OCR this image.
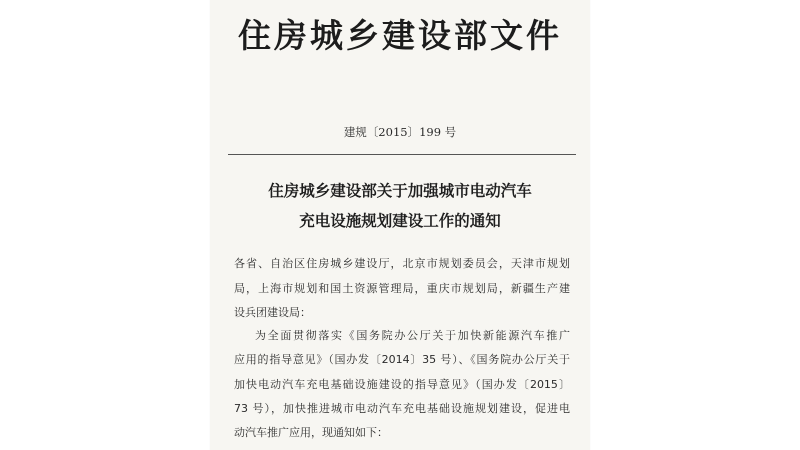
住房城乡建设部文件
建规〔2015〕199 号
住房城乡建设部关于加强城市电动汽车
充电设施规划建设工作的通知
各省、自治区住房城乡建设厅，北京市规划委员会，天津市规划
局，上海市规划和国土资源管理局，重庆市规划局，新疆生产建
设兵团建设局：
为全面贯彻落实《国务院办公厅关于加快新能源汽车推广
应用的指导意见》（国办发〔2014〕35 号）、《国务院办公厅关于
加快电动汽车充电基础设施建设的指导意见》（国办发〔2015〕
73 号），加快推进城市电动汽车充电基础设施规划建设，促进电
动汽车推广应用，现通知如下：
